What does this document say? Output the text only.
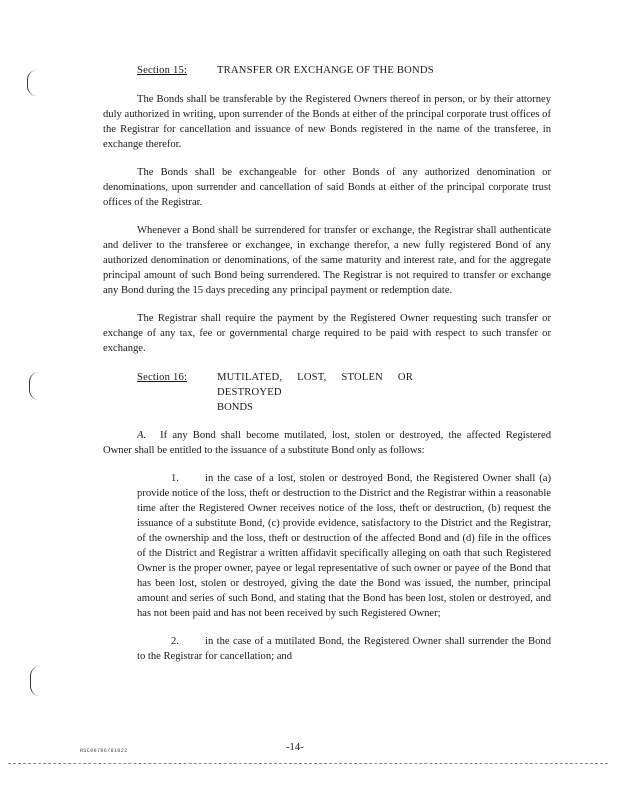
Section 15:	TRANSFER OR EXCHANGE OF THE BONDS

The Bonds shall be transferable by the Registered Owners thereof in person, or by their attorney duly authorized in writing, upon surrender of the Bonds at either of the principal corporate trust offices of the Registrar for cancellation and issuance of new Bonds registered in the name of the transferee, in exchange therefor.

The Bonds shall be exchangeable for other Bonds of any authorized denomination or denominations, upon surrender and cancellation of said Bonds at either of the principal corporate trust offices of the Registrar.

Whenever a Bond shall be surrendered for transfer or exchange, the Registrar shall authenticate and deliver to the transferee or exchangee, in exchange therefor, a new fully registered Bond of any authorized denomination or denominations, of the same maturity and interest rate, and for the aggregate principal amount of such Bond being surrendered. The Registrar is not required to transfer or exchange any Bond during the 15 days preceding any principal payment or redemption date.

The Registrar shall require the payment by the Registered Owner requesting such transfer or exchange of any tax, fee or governmental charge required to be paid with respect to such transfer or exchange.

Section 16:	MUTILATED, LOST, STOLEN OR DESTROYED
BONDS

A. If any Bond shall become mutilated, lost, stolen or destroyed, the affected Registered Owner shall be entitled to the issuance of a substitute Bond only as follows:

1. in the case of a lost, stolen or destroyed Bond, the Registered Owner shall (a) provide notice of the loss, theft or destruction to the District and the Registrar within a reasonable time after the Registered Owner receives notice of the loss, theft or destruction, (b) request the issuance of a substitute Bond, (c) provide evidence, satisfactory to the District and the Registrar, of the ownership and the loss, theft or destruction of the affected Bond and (d) file in the offices of the District and Registrar a written affidavit specifically alleging on oath that such Registered Owner is the proper owner, payee or legal representative of such owner or payee of the Bond that has been lost, stolen or destroyed, giving the date the Bond was issued, the number, principal amount and series of such Bond, and stating that the Bond has been lost, stolen or destroyed, and has not been paid and has not been received by such Registered Owner;
2. in the case of a mutilated Bond, the Registered Owner shall surrender the Bond to the Registrar for cancellation; and
RSC09796/81022	-14-
